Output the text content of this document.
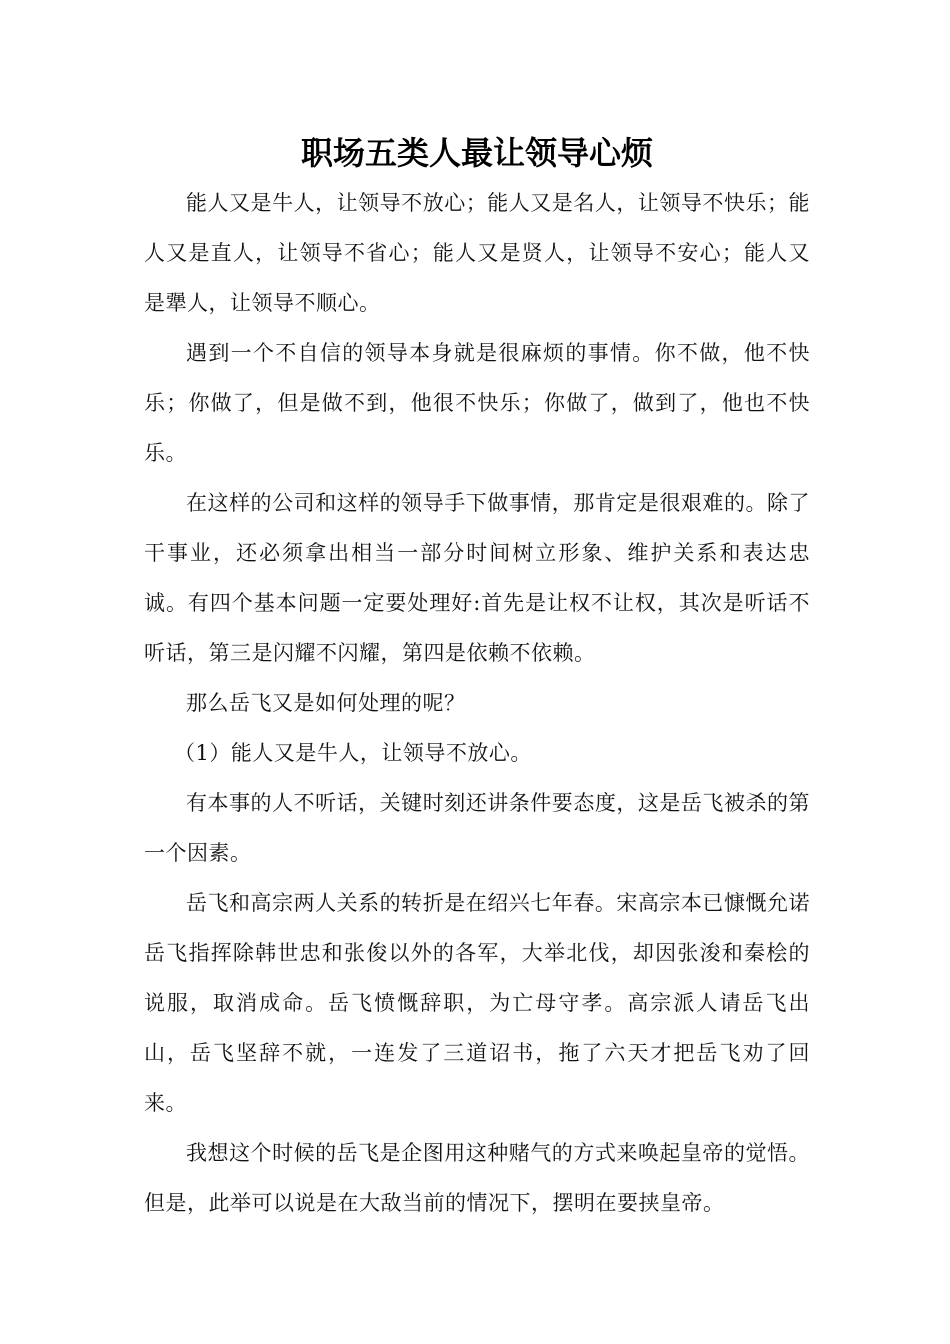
职场五类人最让领导心烦

能人又是牛人，让领导不放心；能人又是名人，让领导不快乐；能人又是直人，让领导不省心；能人又是贤人，让领导不安心；能人又是犟人，让领导不顺心。

遇到一个不自信的领导本身就是很麻烦的事情。你不做，他不快乐；你做了，但是做不到，他很不快乐；你做了，做到了，他也不快乐。

在这样的公司和这样的领导手下做事情，那肯定是很艰难的。除了干事业，还必须拿出相当一部分时间树立形象、维护关系和表达忠诚。有四个基本问题一定要处理好:首先是让权不让权，其次是听话不听话，第三是闪耀不闪耀，第四是依赖不依赖。

那么岳飞又是如何处理的呢？

（1）能人又是牛人，让领导不放心。

有本事的人不听话，关键时刻还讲条件要态度，这是岳飞被杀的第一个因素。

岳飞和高宗两人关系的转折是在绍兴七年春。宋高宗本已慷慨允诺岳飞指挥除韩世忠和张俊以外的各军，大举北伐，却因张浚和秦桧的说服，取消成命。岳飞愤慨辞职，为亡母守孝。高宗派人请岳飞出山，岳飞坚辞不就，一连发了三道诏书，拖了六天才把岳飞劝了回来。

我想这个时候的岳飞是企图用这种赌气的方式来唤起皇帝的觉悟。但是，此举可以说是在大敌当前的情况下，摆明在要挟皇帝。
